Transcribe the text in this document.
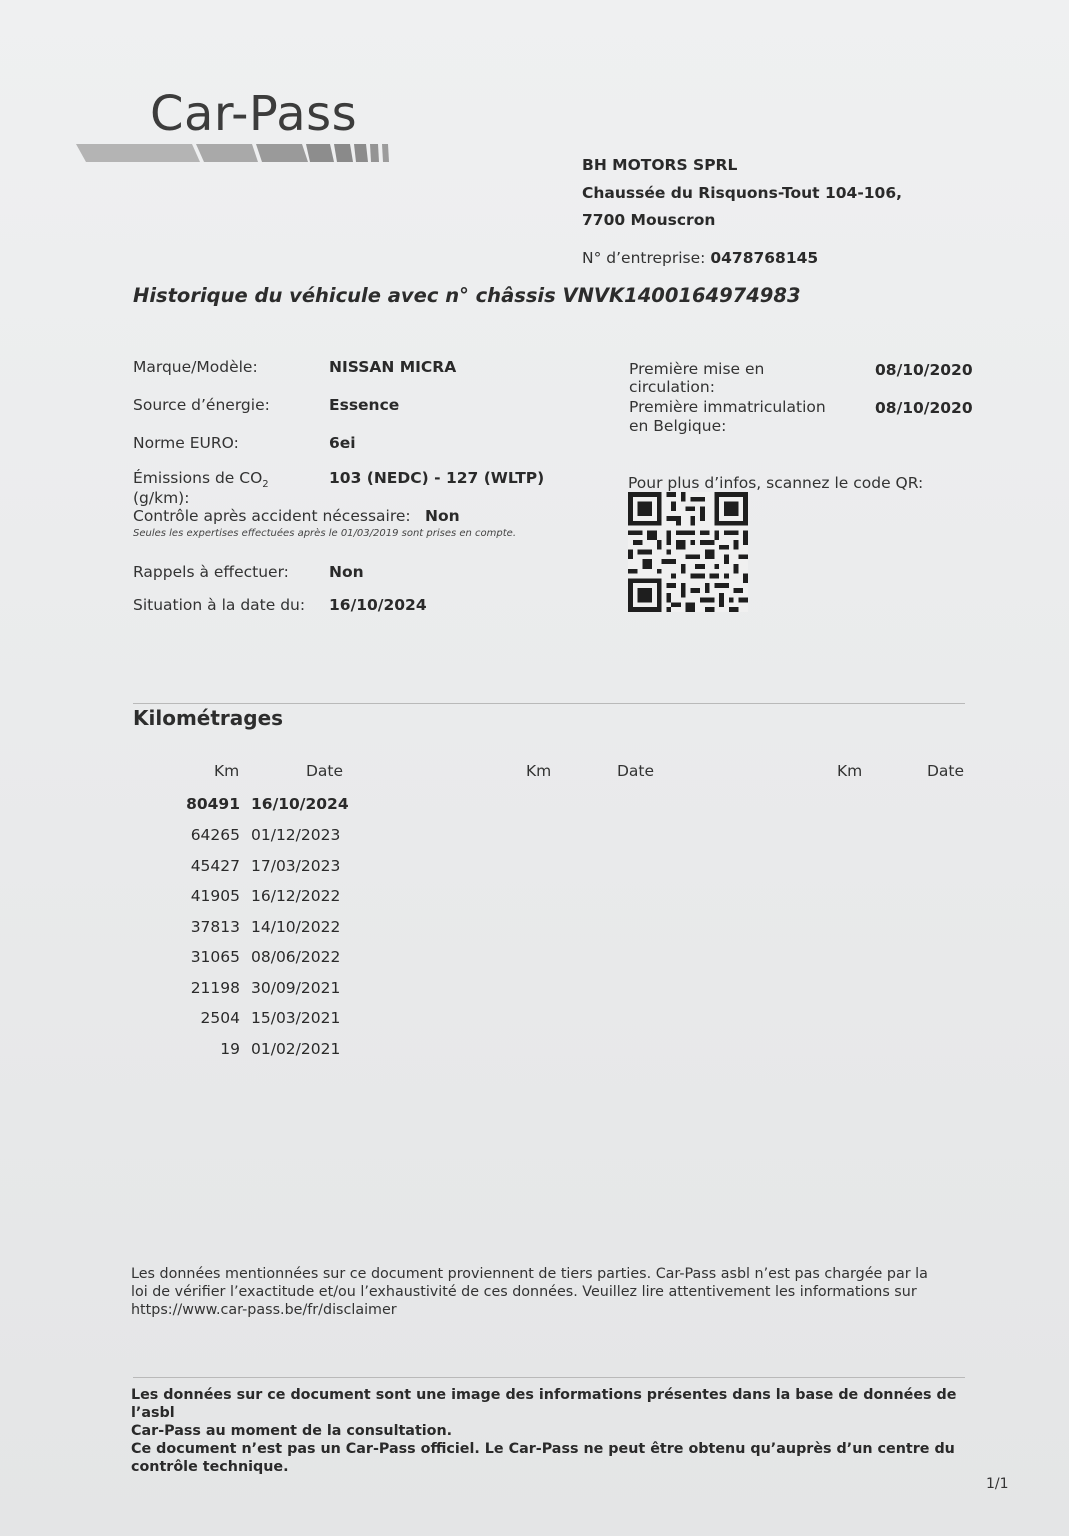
Car-Pass
BH MOTORS SPRL
Chaussée du Risquons-Tout 104-106,
7700 Mouscron
N° d’entreprise: 0478768145
Historique du véhicule avec n° châssis VNVK1400164974983
Marque/Modèle:	NISSAN MICRA
Source d’énergie:	Essence
Norme EURO:	6ei
Émissions de $CO_2$
(g/km):
103 (NEDC) - 127 (WLTP)
Contrôle après accident nécessaire: Non
Seules les expertises effectuées après le 01/03/2019 sont prises en compte.
Rappels à effectuer:	Non
Situation à la date du: 16/10/2024
Première mise en
circulation:
08/10/2020
Première immatriculation
en Belgique:
08/10/2020
Pour plus d’infos, scannez le code QR:
Kilométrages
Km	Date	Km	Date	Km	Date
80491 16/10/2024
64265 01/12/2023
45427 17/03/2023
41905 16/12/2022
37813 14/10/2022
31065 08/06/2022
21198 30/09/2021
2504 15/03/2021
19 01/02/2021
Les données mentionnées sur ce document proviennent de tiers parties. Car-Pass asbl n’est pas chargée par la
loi de vérifier l’exactitude et/ou l’exhaustivité de ces données. Veuillez lire attentivement les informations sur
https://www.car-pass.be/fr/disclaimer
Les données sur ce document sont une image des informations présentes dans la base de données de l’asbl
Car-Pass au moment de la consultation.
Ce document n’est pas un Car-Pass officiel. Le Car-Pass ne peut être obtenu qu’auprès d’un centre du
contrôle technique.
1/1
